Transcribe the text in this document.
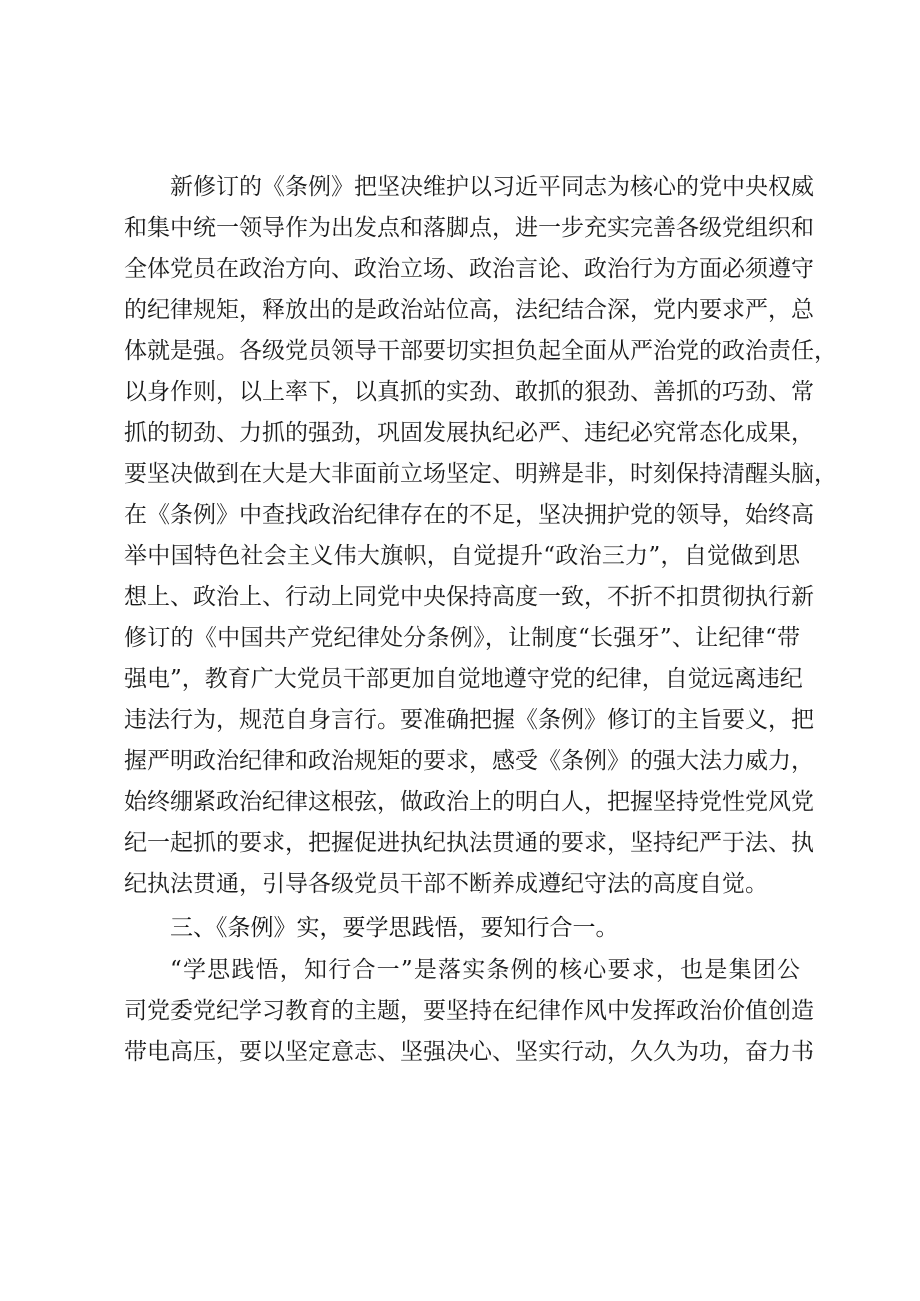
新修订的《条例》把坚决维护以习近平同志为核心的党中央权威
和集中统一领导作为出发点和落脚点，进一步充实完善各级党组织和
全体党员在政治方向、政治立场、政治言论、政治行为方面必须遵守
的纪律规矩，释放出的是政治站位高，法纪结合深，党内要求严，总
体就是强。各级党员领导干部要切实担负起全面从严治党的政治责任，
以身作则，以上率下，以真抓的实劲、敢抓的狠劲、善抓的巧劲、常
抓的韧劲、力抓的强劲，巩固发展执纪必严、违纪必究常态化成果，
要坚决做到在大是大非面前立场坚定、明辨是非，时刻保持清醒头脑，
在《条例》中查找政治纪律存在的不足，坚决拥护党的领导，始终高
举中国特色社会主义伟大旗帜，自觉提升“政治三力”，自觉做到思
想上、政治上、行动上同党中央保持高度一致，不折不扣贯彻执行新
修订的《中国共产党纪律处分条例》，让制度“长强牙”、让纪律“带
强电”，教育广大党员干部更加自觉地遵守党的纪律，自觉远离违纪
违法行为，规范自身言行。要准确把握《条例》修订的主旨要义，把
握严明政治纪律和政治规矩的要求，感受《条例》的强大法力威力，
始终绷紧政治纪律这根弦，做政治上的明白人，把握坚持党性党风党
纪一起抓的要求，把握促进执纪执法贯通的要求，坚持纪严于法、执
纪执法贯通，引导各级党员干部不断养成遵纪守法的高度自觉。
三、《条例》实，要学思践悟，要知行合一。
“学思践悟，知行合一”是落实条例的核心要求，也是集团公
司党委党纪学习教育的主题，要坚持在纪律作风中发挥政治价值创造
带电高压，要以坚定意志、坚强决心、坚实行动，久久为功，奋力书
